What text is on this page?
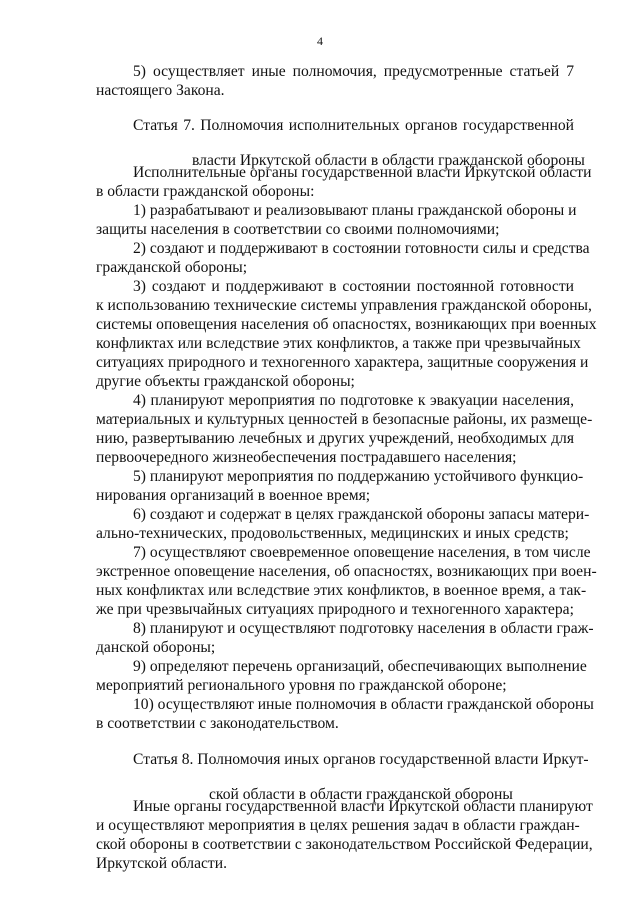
4

5) осуществляет иные полномочия, предусмотренные статьей 7

настоящего Закона.

Статья 7. Полномочия исполнительных органов государственной

власти Иркутской области в области гражданской обороны

Исполнительные органы государственной власти Иркутской области

в области гражданской обороны:

1) разрабатывают и реализовывают планы гражданской обороны и

защиты населения в соответствии со своими полномочиями;

2) создают и поддерживают в состоянии готовности силы и средства

гражданской обороны;

3) создают и поддерживают в состоянии постоянной готовности

к использованию технические системы управления гражданской обороны,

системы оповещения населения об опасностях, возникающих при военных

конфликтах или вследствие этих конфликтов, а также при чрезвычайных

ситуациях природного и техногенного характера, защитные сооружения и

другие объекты гражданской обороны;

4) планируют мероприятия по подготовке к эвакуации населения,

материальных и культурных ценностей в безопасные районы, их размеще-

нию, развертыванию лечебных и других учреждений, необходимых для

первоочередного жизнеобеспечения пострадавшего населения;

5) планируют мероприятия по поддержанию устойчивого функцио-

нирования организаций в военное время;

6) создают и содержат в целях гражданской обороны запасы матери-

ально-технических, продовольственных, медицинских и иных средств;

7) осуществляют своевременное оповещение населения, в том числе

экстренное оповещение населения, об опасностях, возникающих при воен-

ных конфликтах или вследствие этих конфликтов, в военное время, а так-

же при чрезвычайных ситуациях природного и техногенного характера;

8) планируют и осуществляют подготовку населения в области граж-

данской обороны;

9) определяют перечень организаций, обеспечивающих выполнение

мероприятий регионального уровня по гражданской обороне;

10) осуществляют иные полномочия в области гражданской обороны

в соответствии с законодательством.

Статья 8. Полномочия иных органов государственной власти Иркут-

ской области в области гражданской обороны

Иные органы государственной власти Иркутской области планируют

и осуществляют мероприятия в целях решения задач в области граждан-

ской обороны в соответствии с законодательством Российской Федерации,

Иркутской области.
